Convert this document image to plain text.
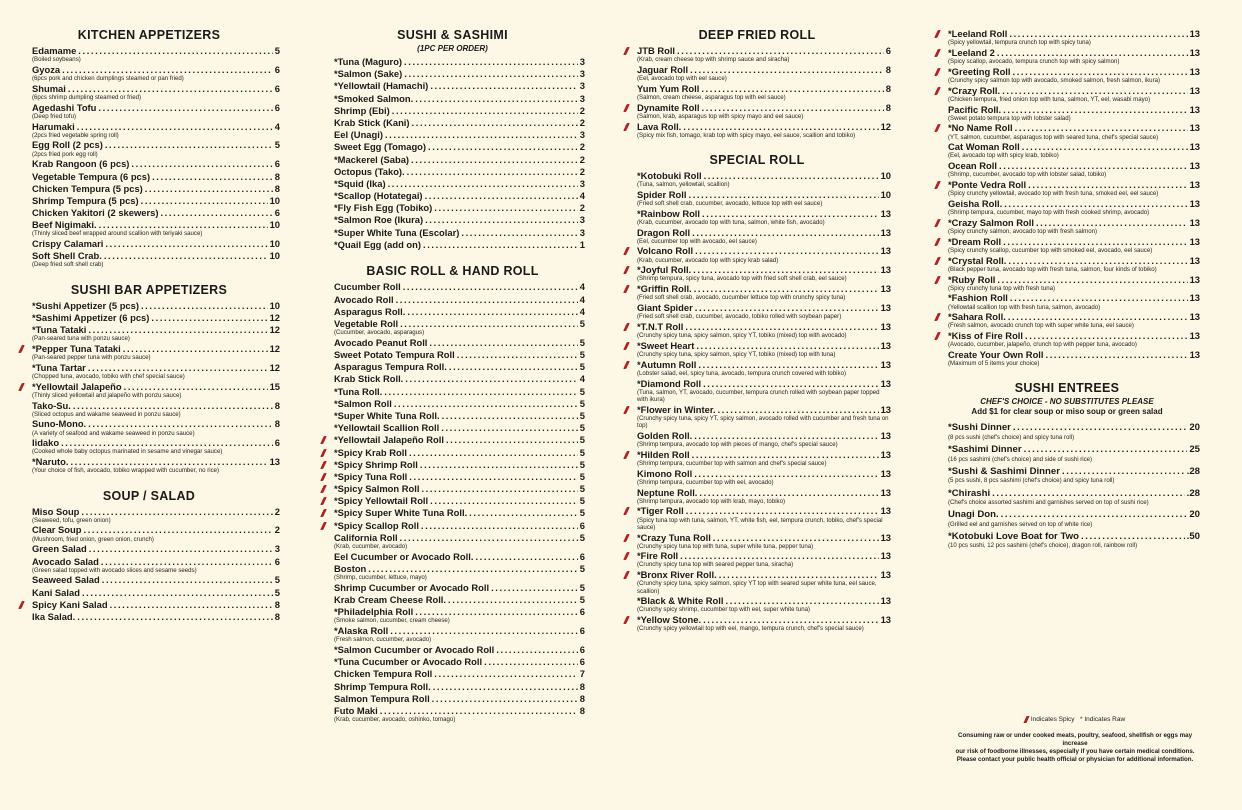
KITCHEN APPETIZERS
Edamame .....	5
(Boiled soybeans)
Gyoza .....	6
(6pcs pork and chicken dumplings steamed or pan fried)
Shumai .....	6
(6pcs shrimp dumpling steamed or fried)
Agedashi Tofu .....	6
(Deep fried tofu)
Harumaki .....	4
(2pcs fried vegetable spring roll)
Egg Roll (2 pcs) .....	5
(2pcs fried pork egg roll)
Krab Rangoon (6 pcs) .....	6
Vegetable Tempura (6 pcs) .....	8
Chicken Tempura (5 pcs) .....	8
Shrimp Tempura (5 pcs) .....	10
Chicken Yakitori (2 skewers) .....	6
Beef Nigimaki. .....	10
(Thinly sliced beef wrapped around scallion with teriyaki sauce)
Crispy Calamari .....	10
Soft Shell Crab. .....	10
(Deep fried soft shell crab)
SUSHI BAR APPETIZERS
*Sushi Appetizer (5 pcs) .....	10
*Sashimi Appetizer (6 pcs) .....	12
*Tuna Tataki .....	12
(Pan-seared tuna with ponzu sauce)
*Pepper Tuna Tataki .....	12
(Pan-seared pepper tuna with ponzu sauce)
*Tuna Tartar .....	12
(Chopped tuna, avocado, tobiko with chef special sauce)
*Yellowtail Jalapeño .....	15
(Thinly sliced yellowtail and jalapeño with ponzu sauce)
Tako-Su. .....	8
(Sliced octopus and wakame seaweed in ponzu sauce)
Suno-Mono. .....	8
(A variety of seafood and wakame seaweed in ponzu sauce)
Iidako .....	6
(Cooked whole baby octopus marinated in sesame and vinegar sauce)
*Naruto. .....	13
(Your choice of fish, avocado, tobiko wrapped with cucumber, no rice)
SOUP / SALAD
Miso Soup .....	2
(Seaweed, tofu, green onion)
Clear Soup .....	2
(Mushroom, fried onion, green onion, crunch)
Green Salad .....	3
Avocado Salad .....	6
(Green salad topped with avocado slices and sesame seeds)
Seaweed Salad .....	5
Kani Salad .....	5
Spicy Kani Salad .....	8
Ika Salad. .....	8
SUSHI & SASHIMI
(1PC PER ORDER)
*Tuna (Maguro) .....	3
*Salmon (Sake) .....	3
*Yellowtail (Hamachi) .....	3
*Smoked Salmon. .....	3
Shrimp (Ebi) .....	2
Krab Stick (Kani) .....	2
Eel (Unagi) .....	3
Sweet Egg (Tomago) .....	2
*Mackerel (Saba) .....	2
Octopus (Tako). .....	2
*Squid (Ika) .....	3
*Scallop (Hotategai) .....	4
*Fly Fish Egg (Tobiko) .....	2
*Salmon Roe (Ikura) .....	3
*Super White Tuna (Escolar) .....	3
*Quail Egg (add on) .....	1
BASIC ROLL & HAND ROLL
Cucumber Roll .....	4
Avocado Roll .....	4
Asparagus Roll. .....	4
Vegetable Roll .....	5
(Cucumber, avocado, asparagus)
Avocado Peanut Roll .....	5
Sweet Potato Tempura Roll .....	5
Asparagus Tempura Roll. .....	5
Krab Stick Roll. .....	4
*Tuna Roll. .....	5
*Salmon Roll .....	5
*Super White Tuna Roll. .....	5
*Yellowtail Scallion Roll .....	5
*Yellowtail Jalapeño Roll .....	5
*Spicy Krab Roll .....	5
*Spicy Shrimp Roll .....	5
*Spicy Tuna Roll .....	5
*Spicy Salmon Roll .....	5
*Spicy Yellowtail Roll .....	5
*Spicy Super White Tuna Roll. .....	5
*Spicy Scallop Roll .....	6
California Roll .....	5
(Krab, cucumber, avocado)
Eel Cucumber or Avocado Roll. .....	6
Boston .....	5
(Shrimp, cucumber, lettuce, mayo)
Shrimp Cucumber or Avocado Roll .....	5
Krab Cream Cheese Roll. .....	5
*Philadelphia Roll .....	6
(Smoke salmon, cucumber, cream cheese)
*Alaska Roll .....	6
(Fresh salmon, cucumber, avocado)
*Salmon Cucumber or Avocado Roll .....	6
*Tuna Cucumber or Avocado Roll .....	6
Chicken Tempura Roll .....	7
Shrimp Tempura Roll. .....	8
Salmon Tempura Roll .....	8
Futo Maki .....	8
(Krab, cucumber, avocado, oshinko, tomago)
DEEP FRIED ROLL
JTB Roll .....	6
(Krab, cream cheese top with shrimp sauce and siracha)
Jaguar Roll .....	8
(Eel, avocado top with eel sauce)
Yum Yum Roll .....	8
(Salmon, cream cheese, asparagus top with eel sauce)
Dynamite Roll .....	8
(Salmon, krab, asparagus top with spicy mayo and eel sauce)
Lava Roll. .....	12
(Spicy mix fish, tomago, krab top with spicy mayo, eel sauce, scallion and tobiko)
SPECIAL ROLL
*Kotobuki Roll .....	10
(Tuna, salmon, yellowtail, scallion)
Spider Roll .....	10
(Fried soft shell crab, cucumber, avocado, lettuce top with eel sauce)
*Rainbow Roll .....	13
(Krab, cucumber, avocado top with tuna, salmon, white fish, avocado)
Dragon Roll .....	13
(Eel, cucumber top with avocado, eel sauce)
Volcano Roll .....	13
(Krab, cucumber, avocado top with spicy krab salad)
*Joyful Roll. .....	13
(Shrimp tempura, spicy tuna, avocado top with fried soft shell crab, eel sauce)
*Griffin Roll. .....	13
(Fried soft shell crab, avocado, cucumber lettuce top with crunchy spicy tuna)
Giant Spider .....	13
(Fried soft shell crab, cucumber, avocado, tobiko rolled with soybean paper)
*T.N.T Roll .....	13
(Crunchy spicy tuna, spicy salmon, spicy YT, tobiko (mixed) top with avocado)
*Sweet Heart .....	13
(Crunchy spicy tuna, spicy salmon, spicy YT, tobiko (mixed) top with tuna)
*Autumn Roll .....	13
(Lobster salad, eel, spicy tuna, avocado, tempura crunch covered with tobiko)
*Diamond Roll .....	13
(Tuna, salmon, YT, avocado, cucumber, tempura crunch rolled with soybean paper topped with ikura)
*Flower in Winter. .....	13
(Crunchy spicy tuna, spicy YT, spicy salmon, avocado rolled with cucumber and fresh tuna on top)
Golden Roll. .....	13
(Shrimp tempura, avocado top with pieces of mango, chef's special sauce)
*Hilden Roll .....	13
(Shrimp tempura, cucumber top with salmon and chef's special sauce)
Kimono Roll .....	13
(Shrimp tempura, cucumber top with eel, avocado)
Neptune Roll. .....	13
(Shrimp tempura, avocado top with krab, mayo, tobiko)
*Tiger Roll .....	13
(Spicy tuna top with tuna, salmon, YT, white fish, eel, tempura crunch, tobiko, chef's special sauce)
*Crazy Tuna Roll .....	13
(Crunchy spicy tuna top with tuna, super white tuna, pepper tuna)
*Fire Roll .....	13
(Crunchy spicy tuna top with seared pepper tuna, siracha)
*Bronx River Roll. .....	13
(Crunchy spicy tuna, spicy salmon, spicy YT top with seared super white tuna, eel sauce, scallion)
*Black & White Roll .....	13
(Crunchy spicy shrimp, cucumber top with eel, super white tuna)
*Yellow Stone. .....	13
(Crunchy spicy yellowtail top with eel, mango, tempura crunch, chef's special sauce)
*Leeland Roll .....	13
(Spicy yellowtail, tempura crunch top with spicy tuna)
*Leeland 2 .....	13
(Spicy scallop, avocado, tempura crunch top with spicy salmon)
*Greeting Roll .....	13
(Crunchy spicy salmon top with avocado, smoked salmon, fresh salmon, ikura)
*Crazy Roll. .....	13
(Chicken tempura, fried onion top with tuna, salmon, YT, eel, wasabi mayo)
Pacific Roll. .....	13
(Sweet potato tempura top with lobster salad)
*No Name Roll .....	13
(YT, salmon, cucumber, asparagus top with seared tuna, chef's special sauce)
Cat Woman Roll .....	13
(Eel, avocado top with spicy krab, tobiko)
Ocean Roll .....	13
(Shrimp, cucumber, avocado top with lobster salad, tobiko)
*Ponte Vedra Roll .....	13
(Spicy crunchy yellowtail, avocado top with fresh tuna, smoked eel, eel sauce)
Geisha Roll. .....	13
(Shrimp tempura, cucumber, mayo top with fresh cooked shrimp, avocado)
*Crazy Salmon Roll .....	13
(Spicy crunchy salmon, avocado top with fresh salmon)
*Dream Roll .....	13
(Spicy crunchy scallop, cucumber top with smoked eel, avocado, eel sauce)
*Crystal Roll. .....	13
(Black pepper tuna, avocado top with fresh tuna, salmon, four kinds of tobiko)
*Ruby Roll .....	13
(Spicy crunchy tuna top with fresh tuna)
*Fashion Roll .....	13
(Yellowtail scallion top with fresh tuna, salmon, avocado)
*Sahara Roll. .....	13
(Fresh salmon, avocado crunch top with super white tuna, eel sauce)
*Kiss of Fire Roll .....	13
(Avocado, cucumber, jalapeño, crunch top with pepper tuna, avocado)
Create Your Own Roll .....	13
(Maximum of 5 items your choice)
SUSHI ENTREES
CHEF'S CHOICE - NO SUBSTITUTES PLEASE
Add $1 for clear soup or miso soup or green salad
*Sushi Dinner .....	20
(8 pcs sushi (chef's choice) and spicy tuna roll)
*Sashimi Dinner .....	25
(16 pcs sashimi (chef's choice) and side of sushi rice)
*Sushi & Sashimi Dinner .....	.28
(5 pcs sushi, 8 pcs sashimi (chef's choice) and spicy tuna roll)
*Chirashi .....	.28
(Chef's choice assorted sashimi and garnishes served on top of sushi rice)
Unagi Don. .....	20
(Grilled eel and garnishes served on top of white rice)
*Kotobuki Love Boat for Two .....	.50
(10 pcs sushi, 12 pcs sashimi (chef's choice), dragon roll, rainbow roll)
Indicates Spicy * Indicates Raw
Consuming raw or under cooked meats, poultry, seafood, shellfish or eggs may increase
our risk of foodborne illnesses, especially if you have certain medical conditions.
Please contact your public health official or physician for additional information.
